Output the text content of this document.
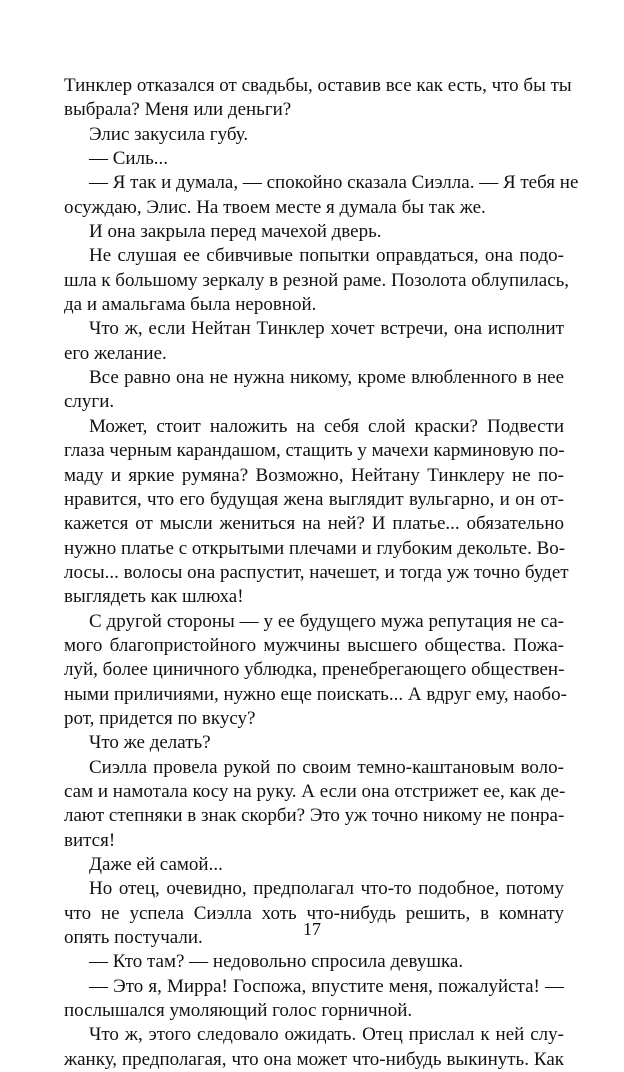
Тинклер отказался от свадьбы, оставив все как есть, что бы ты
выбрала? Меня или деньги?
Элис закусила губу.
— Силь...
— Я так и думала, — спокойно сказала Сиэлла. — Я тебя не
осуждаю, Элис. На твоем месте я думала бы так же.
И она закрыла перед мачехой дверь.
Не слушая ее сбивчивые попытки оправдаться, она подо-
шла к большому зеркалу в резной раме. Позолота облупилась,
да и амальгама была неровной.
Что ж, если Нейтан Тинклер хочет встречи, она исполнит
его желание.
Все равно она не нужна никому, кроме влюбленного в нее
слуги.
Может, стоит наложить на себя слой краски? Подвести
глаза черным карандашом, стащить у мачехи карминовую по-
маду и яркие румяна? Возможно, Нейтану Тинклеру не по-
нравится, что его будущая жена выглядит вульгарно, и он от-
кажется от мысли жениться на ней? И платье... обязательно
нужно платье с открытыми плечами и глубоким декольте. Во-
лосы... волосы она распустит, начешет, и тогда уж точно будет
выглядеть как шлюха!
С другой стороны — у ее будущего мужа репутация не са-
мого благопристойного мужчины высшего общества. Пожа-
луй, более циничного ублюдка, пренебрегающего обществен-
ными приличиями, нужно еще поискать... А вдруг ему, наобо-
рот, придется по вкусу?
Что же делать?
Сиэлла провела рукой по своим темно-каштановым воло-
сам и намотала косу на руку. А если она отстрижет ее, как де-
лают степняки в знак скорби? Это уж точно никому не понра-
вится!
Даже ей самой...
Но отец, очевидно, предполагал что-то подобное, потому
что не успела Сиэлла хоть что-нибудь решить, в комнату
опять постучали.
— Кто там? — недовольно спросила девушка.
— Это я, Мирра! Госпожа, впустите меня, пожалуйста! —
послышался умоляющий голос горничной.
Что ж, этого следовало ожидать. Отец прислал к ней слу-
жанку, предполагая, что она может что-нибудь выкинуть. Как
17
